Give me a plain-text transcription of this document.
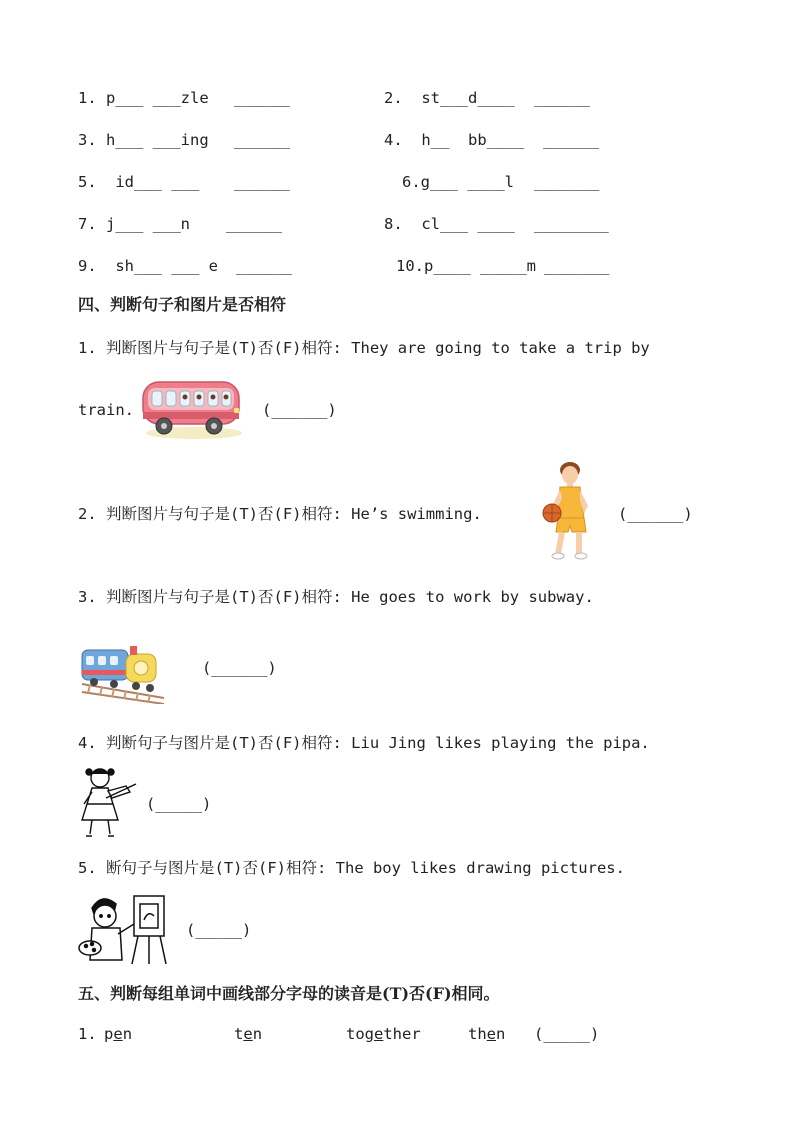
1. p___ ___zle ______	2.  st___d____ ______
3. h___ ___ing ______	4.  h__  bb____ ______
5.  id___ ___ ______	6.g___ ____l _______
7. j___ ___n ______	8.  cl___ ____ ________
9.  sh___ ___ e ______	10.p____ _____m _______
四、判断句子和图片是否相符
1. 判断图片与句子是(T)否(F)相符: They are going to take a trip by
train.	(______)
2. 判断图片与句子是(T)否(F)相符: He’s swimming.	(______)
3. 判断图片与句子是(T)否(F)相符: He goes to work by subway.
(______)
4. 判断句子与图片是(T)否(F)相符: Liu Jing likes playing the pipa.
(_____)
5. 断句子与图片是(T)否(F)相符: The boy likes drawing pictures.
(_____)
五、判断每组单词中画线部分字母的读音是(T)否(F)相同。
1. pen	ten	together	then (_____)
